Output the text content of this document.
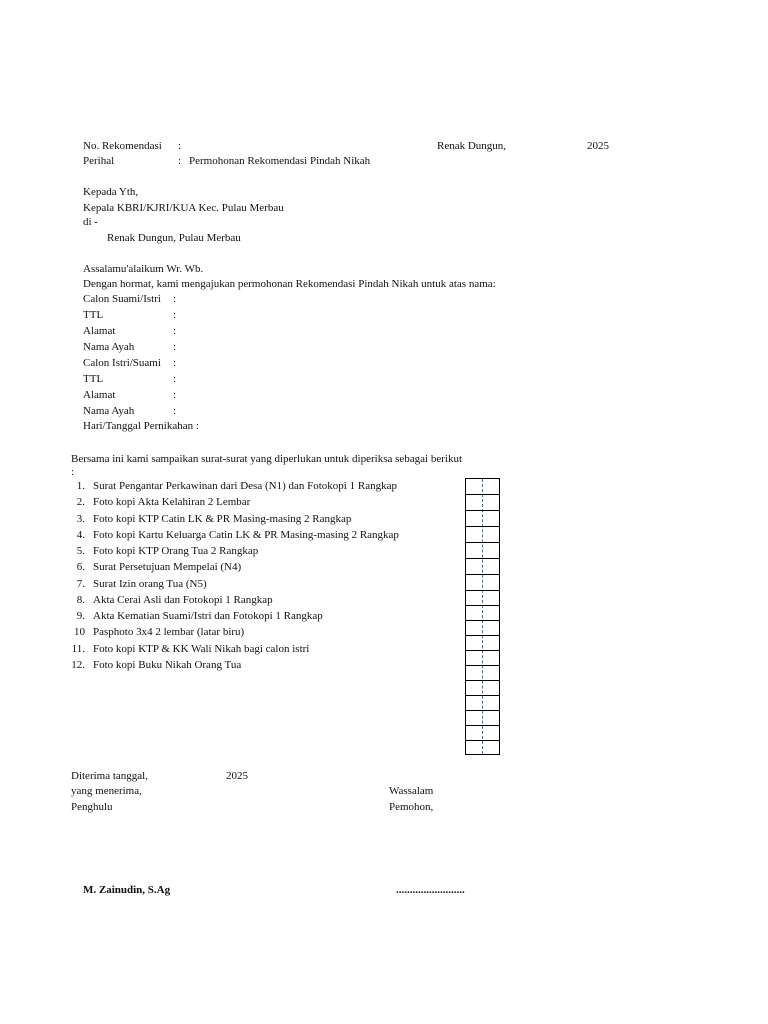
No. Rekomendasi :
Perihal	: Permohonan Rekomendasi Pindah Nikah
Renak Dungun,	2025
Kepada Yth,
Kepala KBRI/KJRI/KUA Kec. Pulau Merbau
di -
Renak Dungun, Pulau Merbau
Assalamu'alaikum Wr. Wb.
Dengan hormat, kami mengajukan permohonan Rekomendasi Pindah Nikah untuk atas nama:
Calon Suami/Istri :
TTL	:
Alamat	:
Nama Ayah	:
Calon Istri/Suami :
TTL	:
Alamat	:
Nama Ayah	:
Hari/Tanggal Pernikahan :
Bersama ini kami sampaikan surat-surat yang diperlukan untuk diperiksa sebagai berikut
:
1. Surat Pengantar Perkawinan dari Desa (N1) dan Fotokopi 1 Rangkap
2. Foto kopi Akta Kelahiran 2 Lembar
3. Foto kopi KTP Catin LK & PR Masing-masing 2 Rangkap
4. Foto kopi Kartu Keluarga Catin LK & PR Masing-masing 2 Rangkap
5. Foto kopi KTP Orang Tua 2 Rangkap
6. Surat Persetujuan Mempelai (N4)
7. Surat Izin orang Tua (N5)
8. Akta Cerai Asli dan Fotokopi 1 Rangkap
9. Akta Kematian Suami/Istri dan Fotokopi 1 Rangkap
10 Pasphoto 3x4 2 lembar (latar biru)
11. Foto kopi KTP & KK Wali Nikah bagi calon istri
12. Foto kopi Buku Nikah Orang Tua
Diterima tanggal,	2025
yang menerima,
Penghulu
Wassalam
Pemohon,
M. Zainudin, S.Ag	.........................
